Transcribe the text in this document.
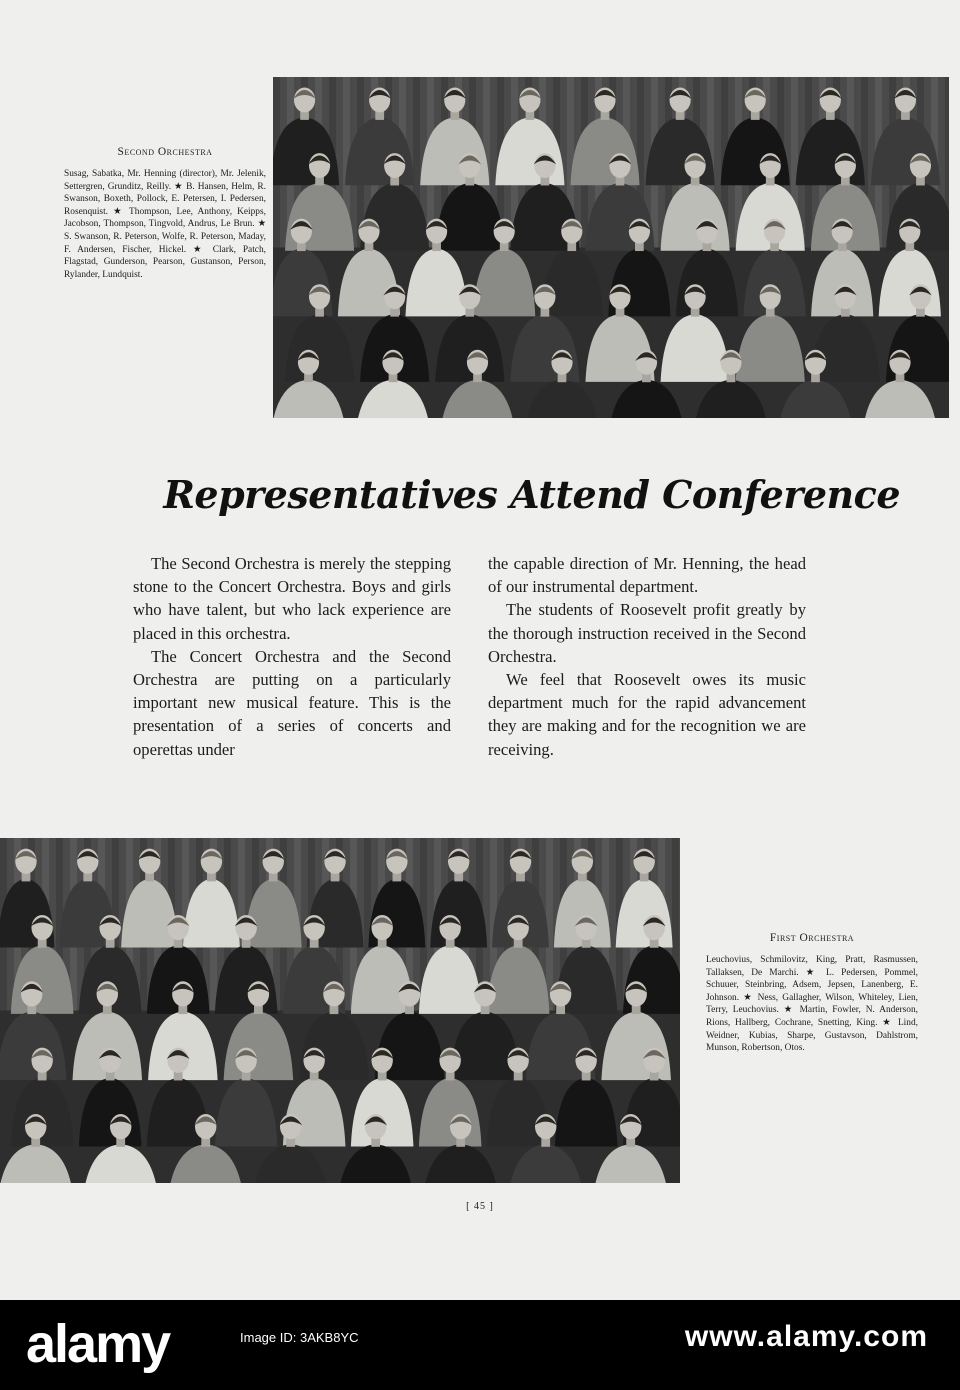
Second Orchestra
Susag, Sabatka, Mr. Henning (director), Mr. Jelenik, Settergren, Grunditz, Reilly. ★ B. Hansen, Helm, R. Swanson, Boxeth, Pollock, E. Petersen, I. Pedersen, Rosenquist. ★ Thompson, Lee, Anthony, Keipps, Jacobson, Thompson, Tingvold, Andrus, Le Brun. ★ S. Swanson, R. Peterson, Wolfe, R. Peterson, Maday, F. Andersen, Fischer, Hickel. ★ Clark, Patch, Flagstad, Gunderson, Pearson, Gustanson, Person, Rylander, Lundquist.
Representatives Attend Conference

The Second Orchestra is merely the stepping stone to the Concert Orchestra. Boys and girls who have talent, but who lack experience are placed in this orchestra.

The Concert Orchestra and the Second Orchestra are putting on a particularly important new musical feature. This is the presentation of a series of concerts and operettas under

the capable direction of Mr. Henning, the head of our instrumental department.

The students of Roosevelt profit greatly by the thorough instruction received in the Second Orchestra.

We feel that Roosevelt owes its music department much for the rapid advancement they are making and for the recognition we are receiving.

First Orchestra
Leuchovius, Schmilovitz, King, Pratt, Rasmussen, Tallaksen, De Marchi. ★ L. Pedersen, Pommel, Schuuer, Steinbring, Adsem, Jepsen, Lanenberg, E. Johnson. ★ Ness, Gallagher, Wilson, Whiteley, Lien, Terry, Leuchovius. ★ Martin, Fowler, N. Anderson, Rions, Hallberg, Cochrane, Snetting, King. ★ Lind, Weidner, Kubias, Sharpe, Gustavson, Dahlstrom, Munson, Robertson, Otos.
[ 45 ]
alamy	Image ID: 3AKB8YC	www.alamy.com
